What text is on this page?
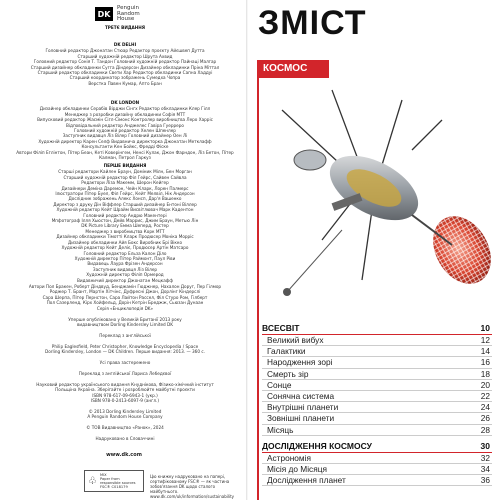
DK
Penguin
Random
House
ТРЕТЄ ВИДАННЯ
DK DELHI
Головний редактор Джонатан Стюар Редактор проєкту Айєшвеп Дутта
Старший художній редактор Шрута Ахвид
Головний редактор Сонія Т. Тандон Головний художній редактор Пайнаці Малгар
Старший дизайнер обкладинки Сугга Діндерсон Дизайнер обкладинки Пріна Міттал
Старший редактор обкладинки Свети Хар Редактор обкладинки Сапна Хаддуі
Старший координатор зображень Сумедха Чопра
Верстка Павен Кумар, Апто Бран
DK LONDON
Дизайнер обкладинки Серабів Вірджи Сінгх Редактор обкладинки Клер Гілл
Менеджер з розробки дизайну обкладинки Софія МТТ
Випусковий редактор Жасмін Сігл-Сімонс Контролер виробництва Леро Харріс
Відповідальний редактор Анджелес Гавіра Гуерреро
Головний художній редактор Хелен Шпенлер
Заступник видавця Ліз Вілер Головний дизайнер Оен Лі
Художній директор Карен Селф Видавнича директорка Джонатан Метклафф
Консультанти Кен Бойкс, Фредді Фіске
Автори Філіп Еглінтон, Пітер Беан, Кеті Коверінгем, Ненсі Кулак, Джон Фарндон, Ліз Бетон, Пітер Калман, Петрол Гаркуз
ПЕРШЕ ВИДАННЯ
Старші редактори Кайлен Браун, Доміник Мілн, Бен Морган
Старший художній редактор Філ Гейрс, Сайвен Сайвла
Редактори Ліза Макемм, Шерон Кейгер
Дизайнери Деміна Даремон, Чейн Кларк, Лорен Палмерс
Ілюстратори Пітер Буел, Філ Гейрс, Кейт Мелвіл, Нік Андерсон
Дослідник зображень Алекс Хонсп, Дар'я Вашенко
Директор з друку Дін Віффлер Старший дизайнер Ентоні Віллер
Художній редактор Кейт Шрайм Висвітлювач Марк Кадентон
Головний редактор Андрю Макентері
Мпфотограф Ілля Хьюстон, Дейв Маррис, Джим Браун, Метью Лін
DK Picture Library Емма Шеперд, Ростер
Менеджер з виробництва Корк МТТ
Дизайнер обкладинки Тімотті Кларк Продюсер Моніка Морріс
Дизайнер обкладинки Айя Бокс Виробник Брі Вікко
Художній редактор Кейт Деліє, Продюсер Артін Матсаро
Головний редактор Ельза Калон Діло
Художній директор Пітер Раймонт, Паул Ріви
Видавець Лаура Фрізен Андерсон
Заступник видавця Ліз Вілер
Художній директор Філіп Ормерод
Видавничий директор Джонатан Мецкафф
Автори Пол Бракен, Роберт Діндвуд, Бенджамін Гюджнер, Нахалон Доруг, Пер Гілмор
Роджер Т. Брант, Мартін Хітчінс, Дуфресні Джон, Дорлінг Кіндерслі
Сара Шерпа, Пітер Пернстон, Сара Лайтон Рассел, Філ Стуро Ром, Гілберт
Пол Сазерленд, Кірх Хойфельд, Дорін Кетрін Бреджж, Сьюзан Дунаан
Серія «Енциклопедія DK»

Уперше опубліковано у Великій Британії 2013 року
видавництвом Dorling Kindersley Limited DK

Переклад з англійської

Philip Eaglesfield, Peter Christopher, Knowledge Encyclopedia / Space
Dorling Kindersley, London — DK Children. Перше видання: 2013. — 360 с.

Усі права застережено

Переклад з англійської Лариса Лебедєвої

Науковий редактор українського видання Кнуднікова, Фізико-хімічний інститут
Польщіна Україна. Зберігайте і розроблюйте майбутні проєкти
ISBN 978-617-09-6943-1 (укр.)
ISBN 978-0-2413-6097-9 (англ.)

© 2013 Dorling Kindersley Limited
A Penguin Random House Company

© ТОВ Видавництво «Ранок», 2024

Надруковано в Словаччині
www.dk.com
♧
MIX
Paper from
responsible sources
FSC® C018179
Цю книжку надруковано на папері, сертифікованому FSC® — як частина зобов'язання DK щодо сталого майбутнього. www.dk.com/uk/information/sustainability
ЗМІСТ
КОСМОС
ВСЕСВІТ	10
Великий вибух	12
Галактики	14
Народження зорі	16
Смерть зір	18
Сонце	20
Сонячна система	22
Внутрішні планети	24
Зовнішні планети	26
Місяць	28
ДОСЛІДЖЕННЯ КОСМОСУ	30
Астрономія	32
Місія до Місяця	34
Дослідження планет	36
